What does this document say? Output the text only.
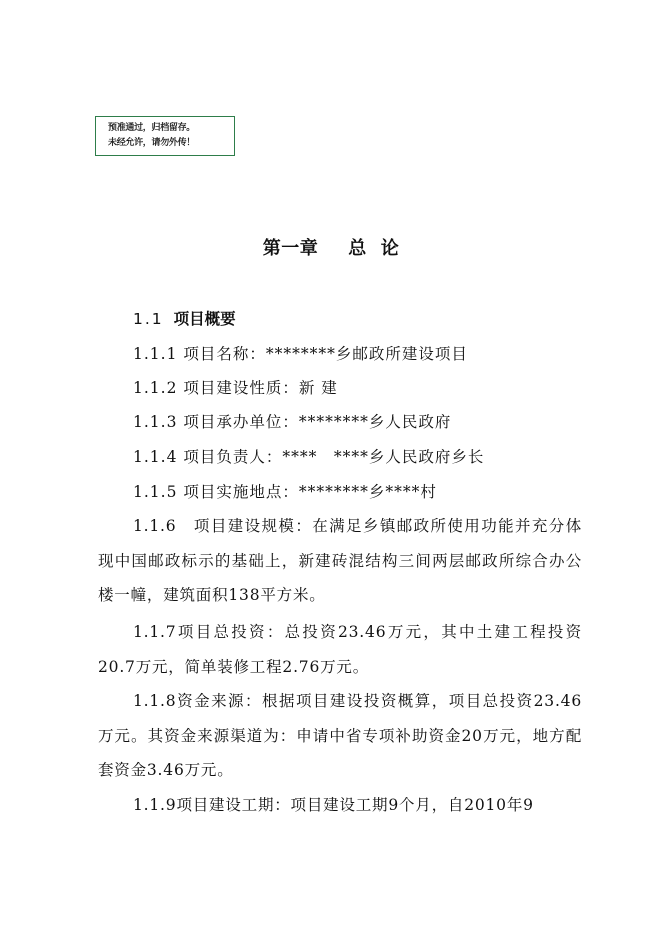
预准通过，归档留存。
未经允许，请勿外传！
第一章 总 论
1.1 项目概要
1.1.1 项目名称：********乡邮政所建设项目
1.1.2 项目建设性质：新 建
1.1.3 项目承办单位：********乡人民政府
1.1.4 项目负责人：****　****乡人民政府乡长
1.1.5 项目实施地点：********乡****村
1.1.6　项目建设规模：在满足乡镇邮政所使用功能并充分体现中国邮政标示的基础上，新建砖混结构三间两层邮政所综合办公楼一幢，建筑面积138平方米。
1.1.7项目总投资：总投资23.46万元，其中土建工程投资20.7万元，简单装修工程2.76万元。
1.1.8资金来源：根据项目建设投资概算，项目总投资23.46万元。其资金来源渠道为：申请中省专项补助资金20万元，地方配套资金3.46万元。
1.1.9项目建设工期：项目建设工期9个月，自2010年9
